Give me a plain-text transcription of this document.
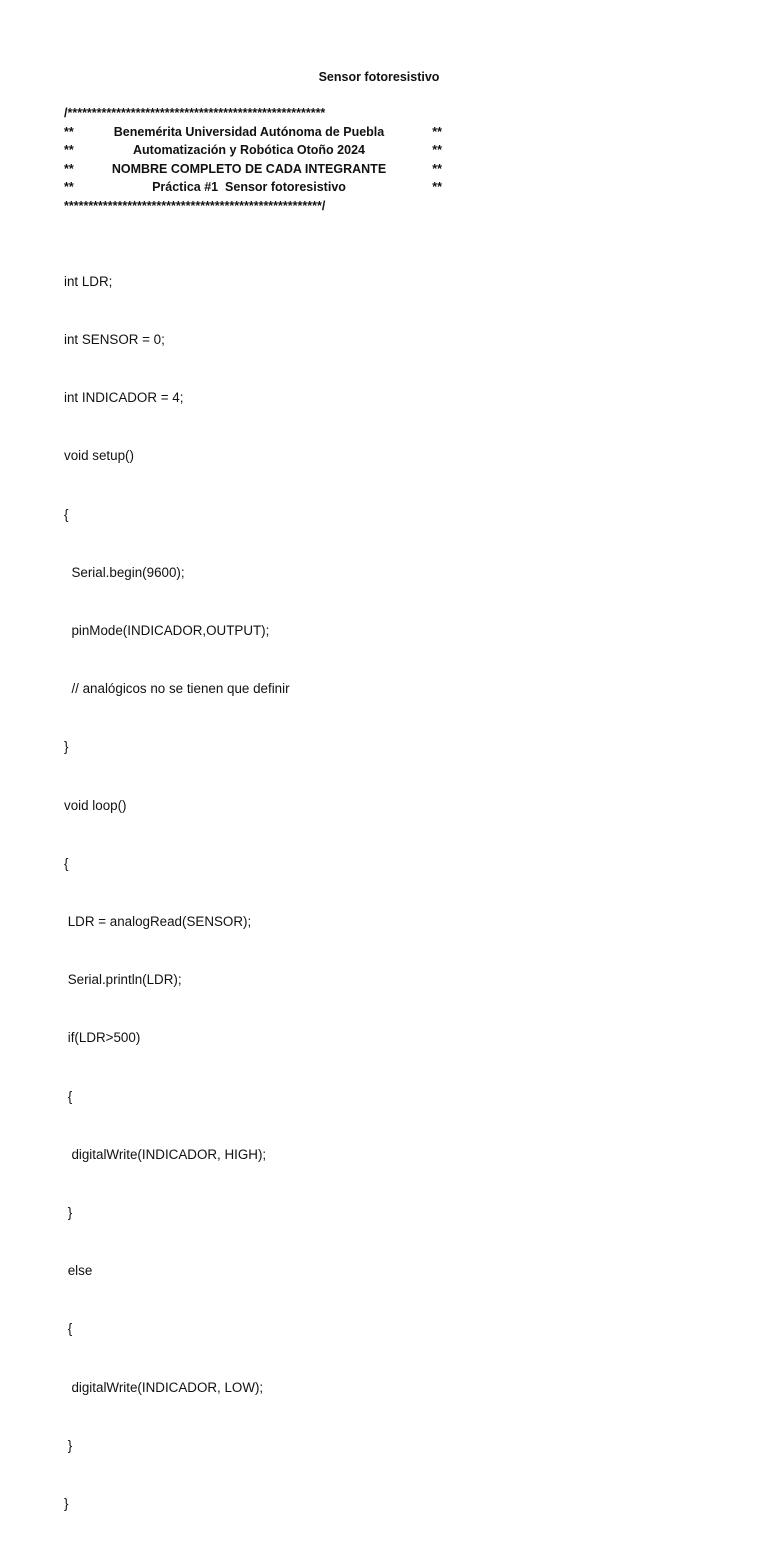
Sensor fotoresistivo
/*****************************************************

**

	Benemérita Universidad Autónoma de Puebla

	**

**

	Automatización y Robótica Otoño 2024

	**

**

	NOMBRE COMPLETO DE CADA INTEGRANTE

	**

**

	Práctica #1  Sensor fotoresistivo

	**

*****************************************************/

int LDR;

int SENSOR = 0;

int INDICADOR = 4;

void setup()

{

Serial.begin(9600);

pinMode(INDICADOR,OUTPUT);

// analógicos no se tienen que definir

}

void loop()

{

LDR = analogRead(SENSOR);

Serial.println(LDR);

if(LDR>500)

{

digitalWrite(INDICADOR, HIGH);

}

else

{

digitalWrite(INDICADOR, LOW);

}

}
